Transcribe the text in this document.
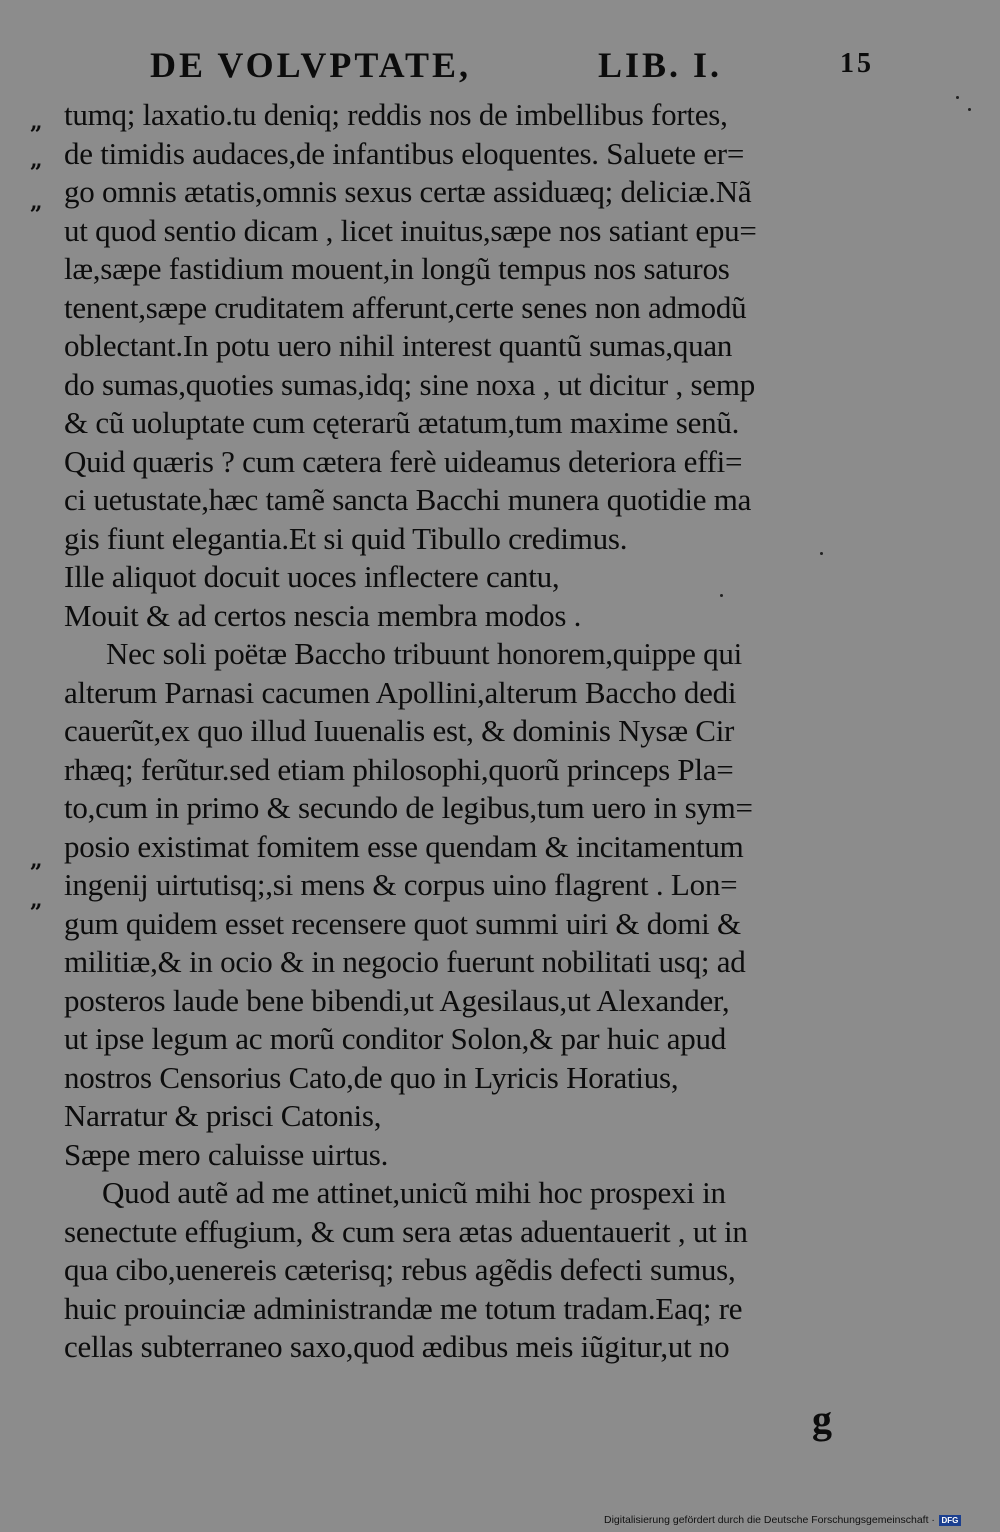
DE VOLVPTATE,	LIB. I.	15
„
„
„
„
„
tumq; laxatio.tu deniq; reddis nos de imbellibus fortes,
de timidis audaces,de infantibus eloquentes. Saluete er=
go omnis ætatis,omnis sexus certæ assiduæq; deliciæ.Nã
ut quod sentio dicam , licet inuitus,sæpe nos satiant epu=
læ,sæpe fastidium mouent,in longũ tempus nos saturos
tenent,sæpe cruditatem afferunt,certe senes non admodũ
oblectant.In potu uero nihil interest quantũ sumas,quan
do sumas,quoties sumas,idq; sine noxa , ut dicitur , semp
& cũ uoluptate cum cęterarũ ætatum,tum maxime senũ.
Quid quæris ? cum cætera ferè uideamus deteriora effi=
ci uetustate,hæc tamẽ sancta Bacchi munera quotidie ma
gis fiunt elegantia.Et si quid Tibullo credimus.
Ille aliquot docuit uoces inflectere cantu,
Mouit & ad certos nescia membra modos .
Nec soli poëtæ Baccho tribuunt honorem,quippe qui
alterum Parnasi cacumen Apollini,alterum Baccho dedi
cauerũt,ex quo illud Iuuenalis est, & dominis Nysæ Cir
rhæq; ferũtur.sed etiam philosophi,quorũ princeps Pla=
to,cum in primo & secundo de legibus,tum uero in sym=
posio existimat fomitem esse quendam & incitamentum
ingenij uirtutisq;,si mens & corpus uino flagrent . Lon=
gum quidem esset recensere quot summi uiri & domi &
militiæ,& in ocio & in negocio fuerunt nobilitati usq; ad
posteros laude bene bibendi,ut Agesilaus,ut Alexander,
ut ipse legum ac morũ conditor Solon,& par huic apud
nostros Censorius Cato,de quo in Lyricis Horatius,
Narratur & prisci Catonis,
Sæpe mero caluisse uirtus.
Quod autẽ ad me attinet,unicũ mihi hoc prospexi in
senectute effugium, & cum sera ætas aduentauerit , ut in
qua cibo,uenereis cæterisq; rebus agẽdis defecti sumus,
huic prouinciæ administrandæ me totum tradam.Eaq; re
cellas subterraneo saxo,quod ædibus meis iũgitur,ut no
g
Digitalisierung gefördert durch die Deutsche Forschungsgemeinschaft · DFG
